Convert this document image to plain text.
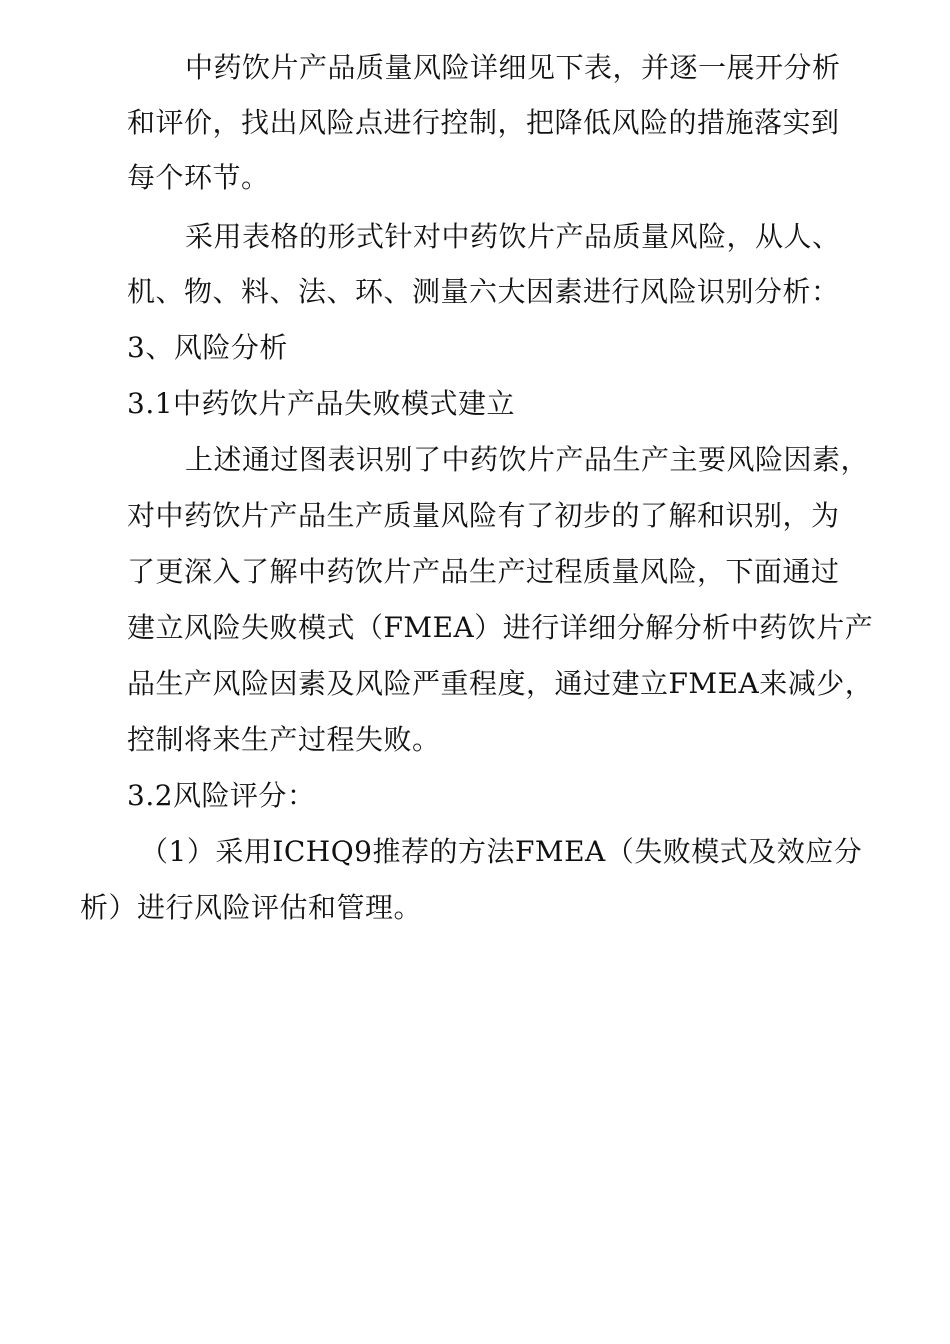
中药饮片产品质量风险详细见下表，并逐一展开分析

和评价，找出风险点进行控制，把降低风险的措施落实到

每个环节。

采用表格的形式针对中药饮片产品质量风险，从人、

机、物、料、法、环、测量六大因素进行风险识别分析：

3、风险分析

3.1中药饮片产品失败模式建立

上述通过图表识别了中药饮片产品生产主要风险因素，

对中药饮片产品生产质量风险有了初步的了解和识别，为

了更深入了解中药饮片产品生产过程质量风险，下面通过

建立风险失败模式（FMEA）进行详细分解分析中药饮片产

品生产风险因素及风险严重程度，通过建立FMEA来减少，

控制将来生产过程失败。

3.2风险评分：

（1）采用ICHQ9推荐的方法FMEA（失败模式及效应分

析）进行风险评估和管理。
